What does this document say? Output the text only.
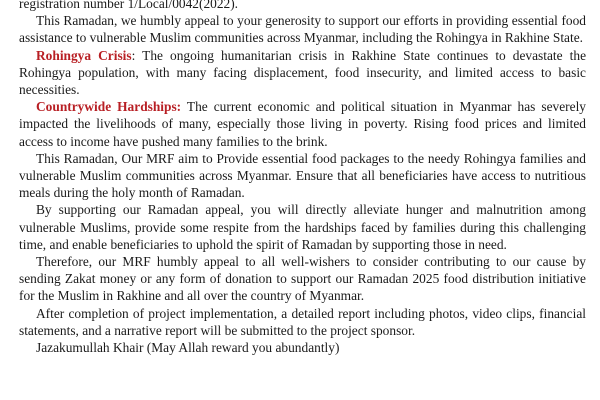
registration number 1/Local/0042(2022).

This Ramadan, we humbly appeal to your generosity to support our efforts in providing essential food assistance to vulnerable Muslim communities across Myanmar, including the Rohingya in Rakhine State.

Rohingya Crisis: The ongoing humanitarian crisis in Rakhine State continues to devastate the Rohingya population, with many facing displacement, food insecurity, and limited access to basic necessities.

Countrywide Hardships: The current economic and political situation in Myanmar has severely impacted the livelihoods of many, especially those living in poverty. Rising food prices and limited access to income have pushed many families to the brink.

This Ramadan, Our MRF aim to Provide essential food packages to the needy Rohingya families and vulnerable Muslim communities across Myanmar. Ensure that all beneficiaries have access to nutritious meals during the holy month of Ramadan.

By supporting our Ramadan appeal, you will directly alleviate hunger and malnutrition among vulnerable Muslims, provide some respite from the hardships faced by families during this challenging time, and enable beneficiaries to uphold the spirit of Ramadan by supporting those in need.

Therefore, our MRF humbly appeal to all well-wishers to consider contributing to our cause by sending Zakat money or any form of donation to support our Ramadan 2025 food distribution initiative for the Muslim in Rakhine and all over the country of Myanmar.

After completion of project implementation, a detailed report including photos, video clips, financial statements, and a narrative report will be submitted to the project sponsor.

Jazakumullah Khair (May Allah reward you abundantly)
